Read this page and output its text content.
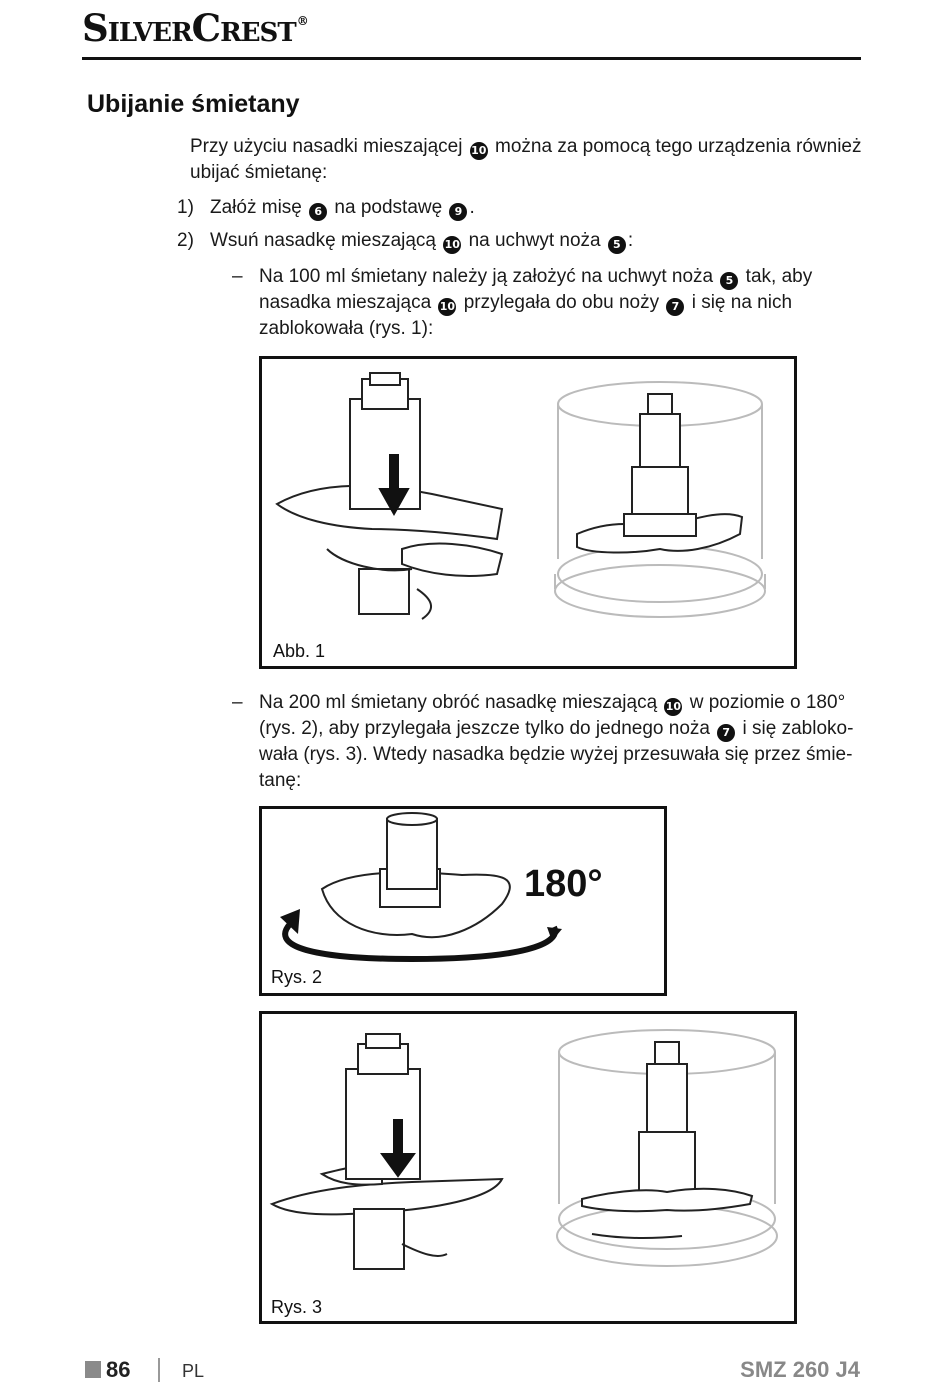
SilverCrest®
Ubijanie śmietany
Przy użyciu nasadki mieszającej 10 można za pomocą tego urządzenia również
ubijać śmietanę:
1) Załóż misę 6 na podstawę 9 .
2) Wsuń nasadkę mieszającą 10 na uchwyt noża 5 :
– Na 100 ml śmietany należy ją założyć na uchwyt noża 5 tak, aby
nasadka mieszająca 10 przylegała do obu noży 7 i się na nich
zablokowała (rys. 1):
Abb. 1
– Na 200 ml śmietany obróć nasadkę mieszającą 10 w poziomie o 180°
(rys. 2), aby przylegała jeszcze tylko do jednego noża 7 i się zabloko-
wała (rys. 3). Wtedy nasadka będzie wyżej przesuwała się przez śmie-
tanę:
180°
Rys. 2
Rys. 3
86	PL	SMZ 260 J4
